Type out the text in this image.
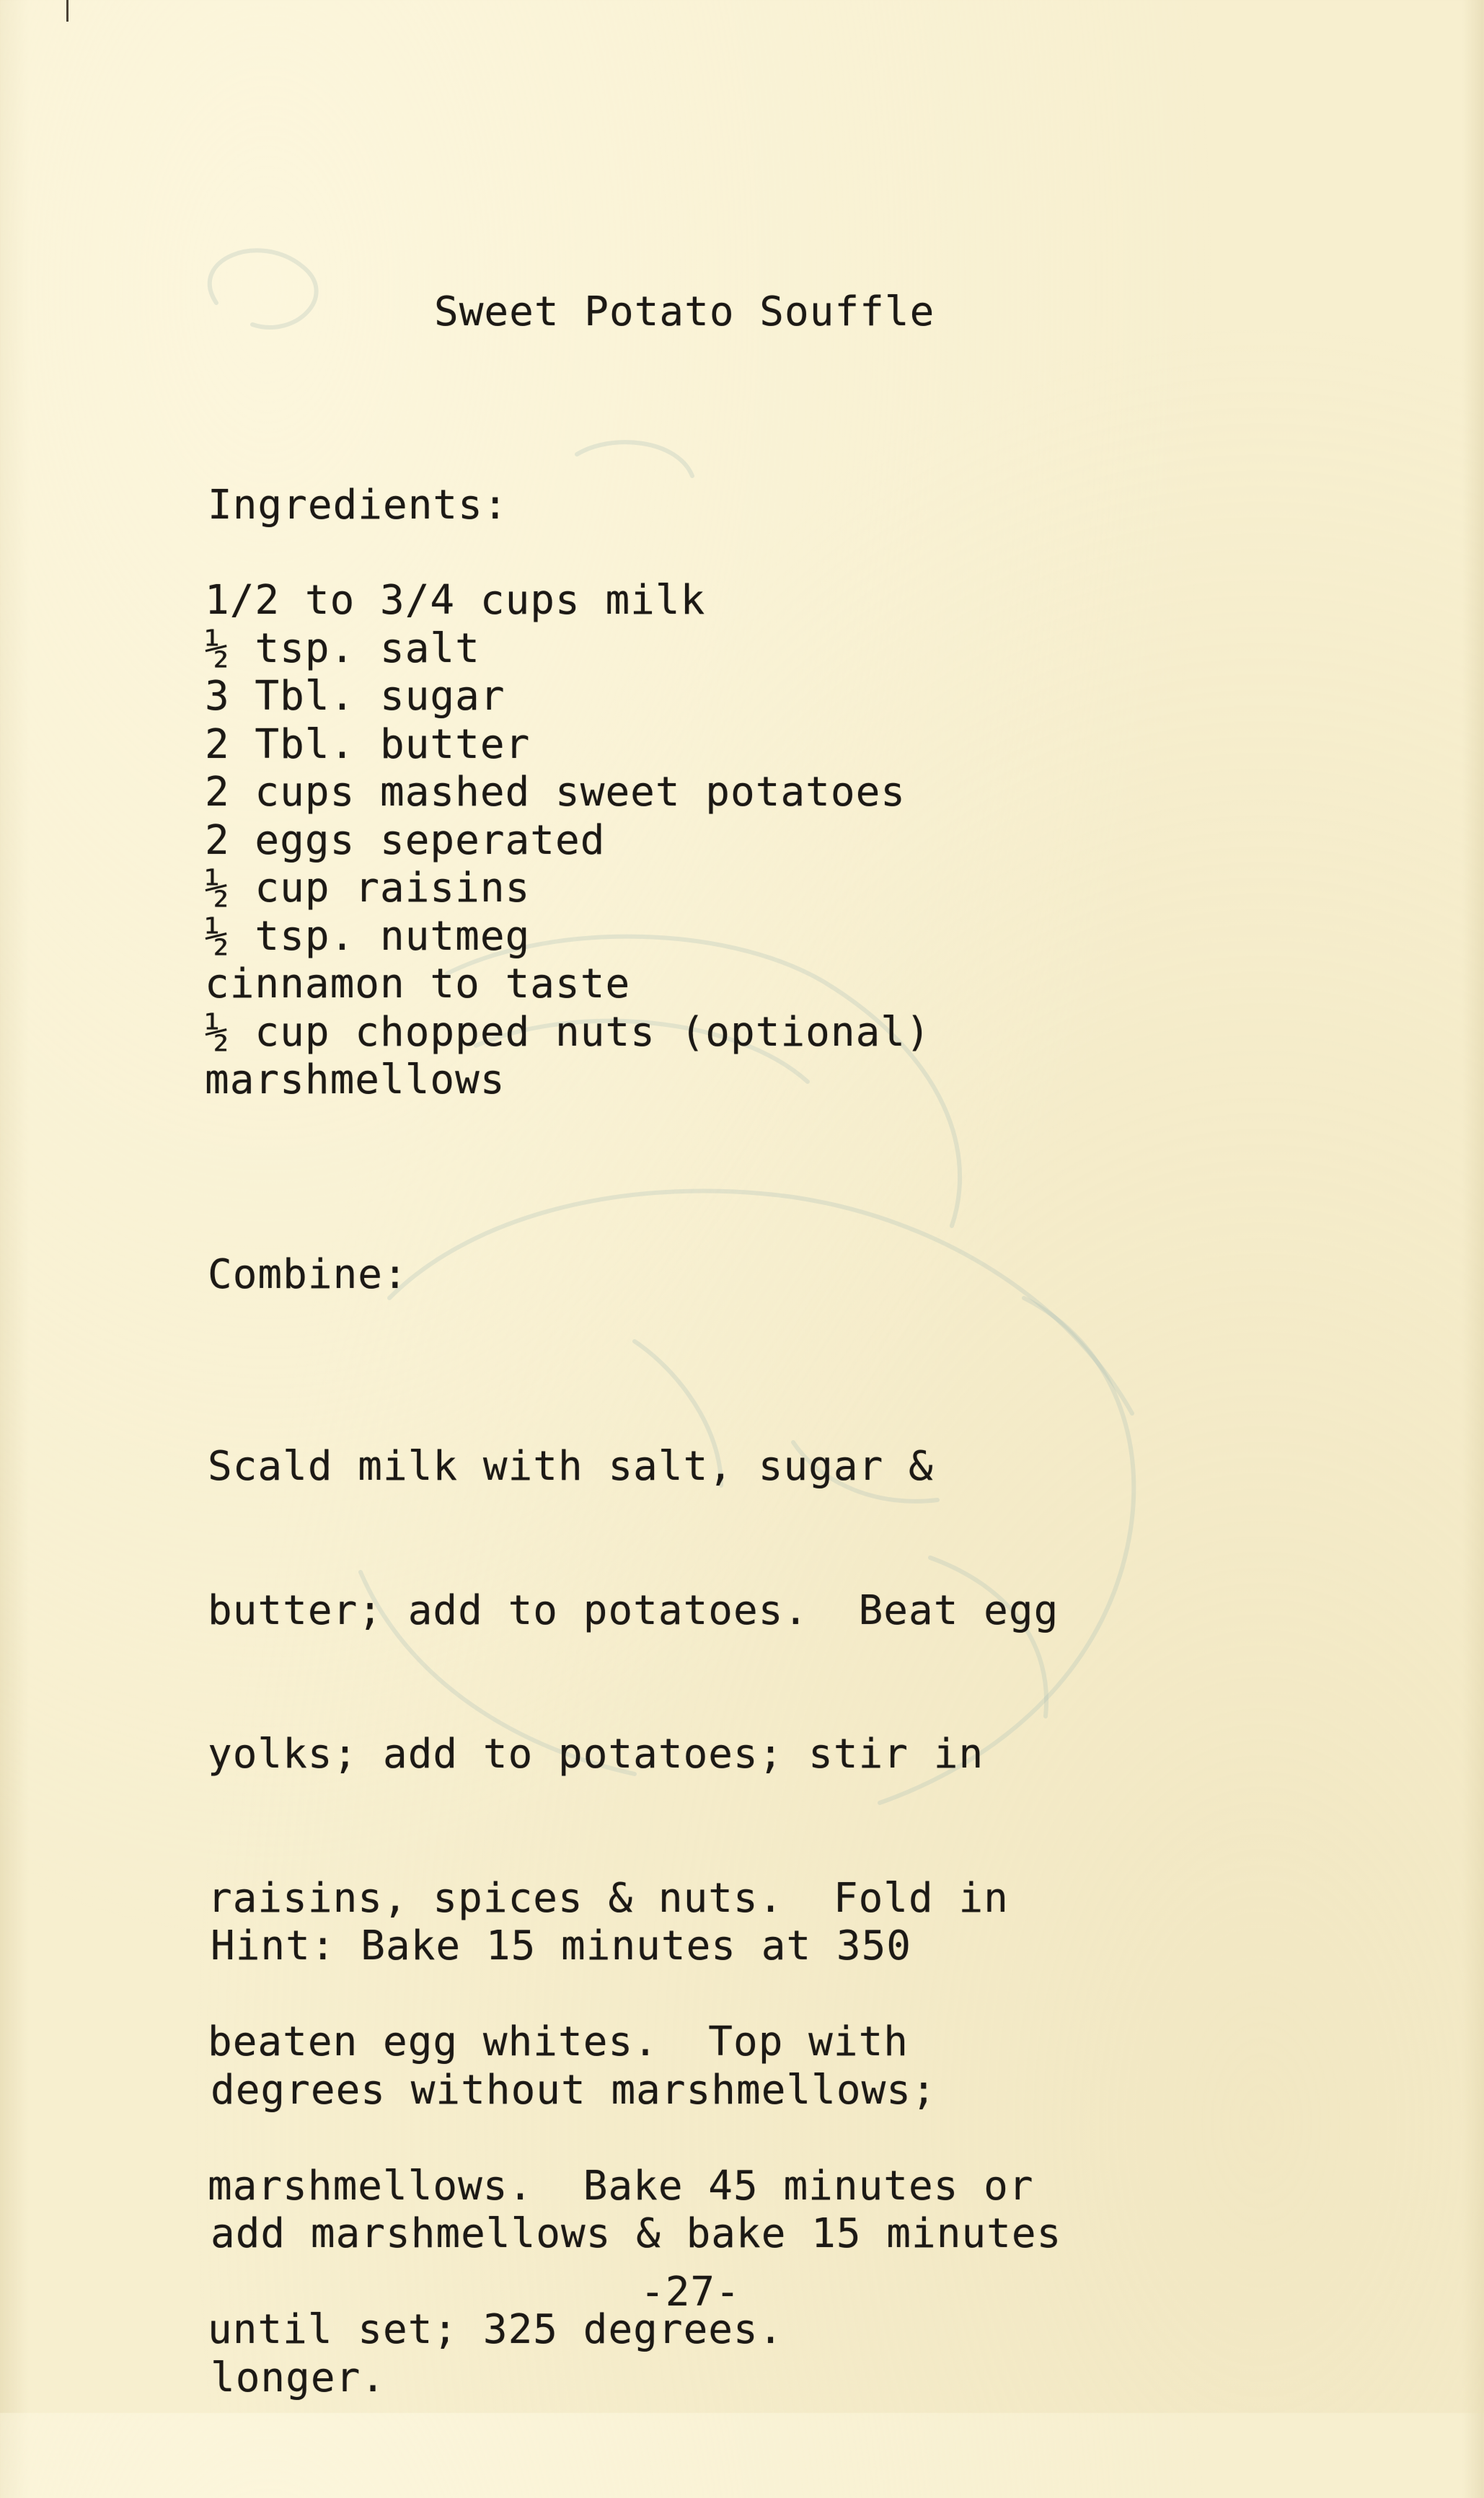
Sweet Potato Souffle

Ingredients:

1/2 to 3/4 cups milk
½ tsp. salt
3 Tbl. sugar
2 Tbl. butter
2 cups mashed sweet potatoes
2 eggs seperated
½ cup raisins
½ tsp. nutmeg
cinnamon to taste
½ cup chopped nuts (optional)
marshmellows

Combine:

Scald milk with salt, sugar &

butter; add to potatoes.  Beat egg

yolks; add to potatoes; stir in

raisins, spices & nuts.  Fold in

beaten egg whites.  Top with

marshmellows.  Bake 45 minutes or

until set; 325 degrees.

Hint: Bake 15 minutes at 350

degrees without marshmellows;

add marshmellows & bake 15 minutes

longer.

-27-
